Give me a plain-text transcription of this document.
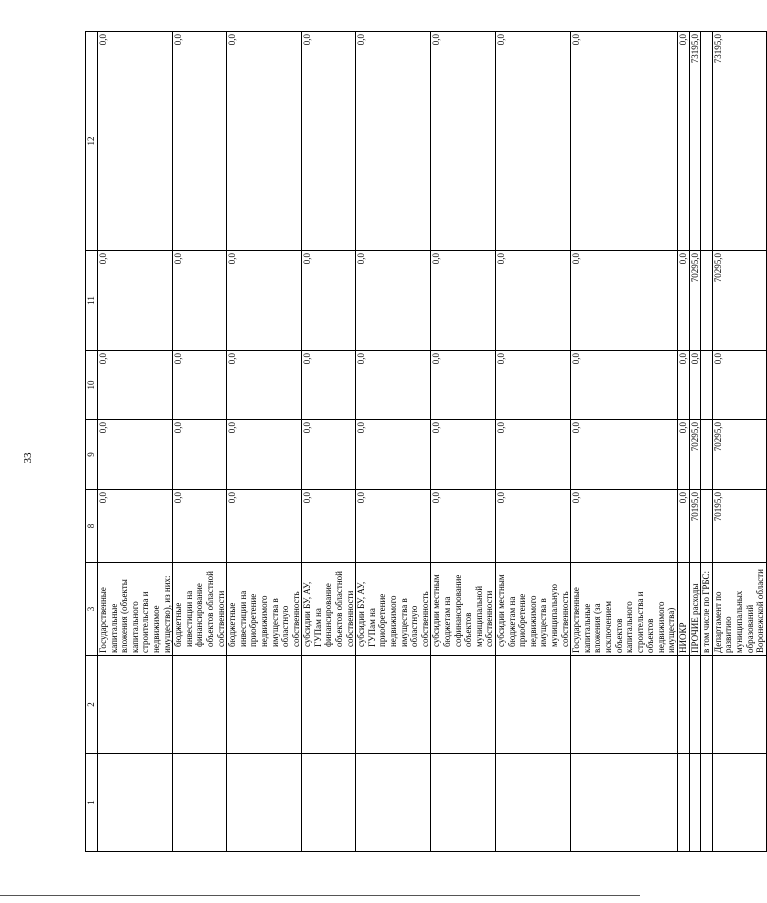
33
1	2	3	8	9	10	11	12
		Государственные капитальные вложения (объекты капитального строительства и недвижимое имущество), из них:	0,0	0,0	0,0	0,0	0,0
		бюджетные инвестиции на финансирование объектов областной собственности	0,0	0,0	0,0	0,0	0,0
		бюджетные инвестиции на приобретение недвижимого имущества в областную собственность	0,0	0,0	0,0	0,0	0,0
		субсидии БУ, АУ, ГУПам на финансирование объектов областной собственности	0,0	0,0	0,0	0,0	0,0
		субсидии БУ, АУ, ГУПам на приобретение недвижимого имущества в областную собственность	0,0	0,0	0,0	0,0	0,0
		субсидии местным бюджетам на софинансирование объектов муниципальной собственности	0,0	0,0	0,0	0,0	0,0
		субсидии местным бюджетам на приобретение недвижимого имущества в муниципальную собственность	0,0	0,0	0,0	0,0	0,0
		Государственные капитальные вложения (за исключением объектов капитального строительства и объектов недвижимого имущества)	0,0	0,0	0,0	0,0	0,0
		НИОКР	0,0	0,0	0,0	0,0	0,0
		ПРОЧИЕ расходы	70195,0	70295,0	0,0	70295,0	73195,0
		в том числе по ГРБС:					
		Департамент по развитию муниципальных образований Воронежской области	70195,0	70295,0	0,0	70295,0	73195,0
